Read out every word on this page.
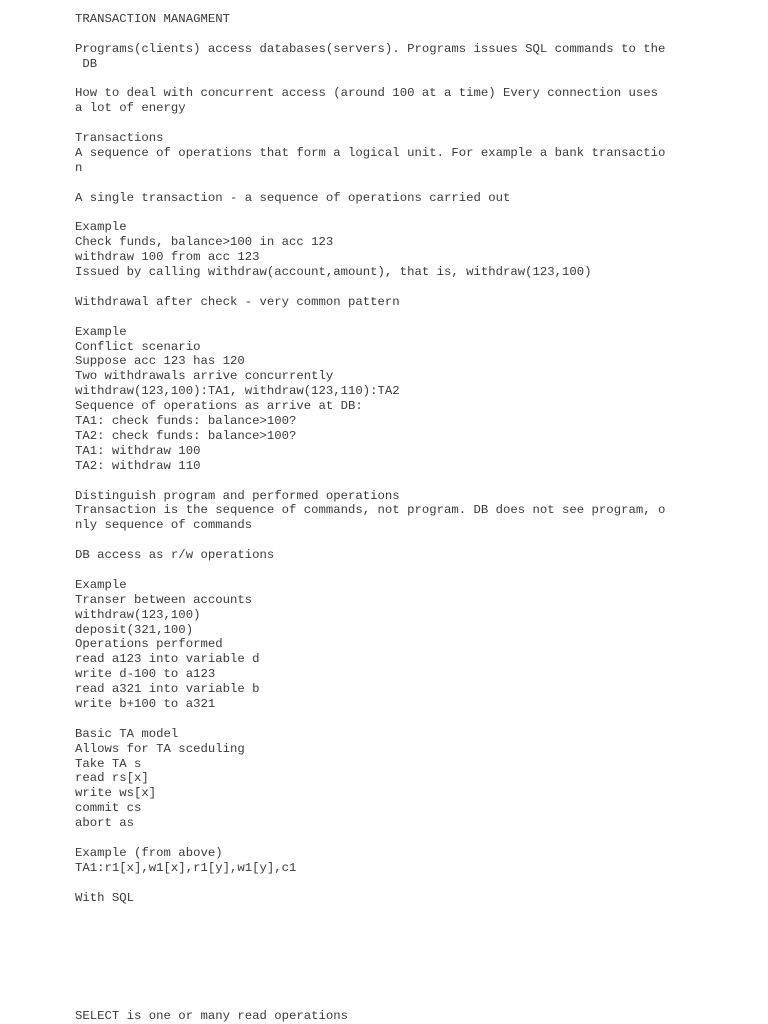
TRANSACTION MANAGMENT
Programs(clients) access databases(servers). Programs issues SQL commands to the
DB
How to deal with concurrent access (around 100 at a time) Every connection uses
a lot of energy
Transactions
A sequence of operations that form a logical unit. For example a bank transactio
n
A single transaction - a sequence of operations carried out
Example
Check funds, balance>100 in acc 123
withdraw 100 from acc 123
Issued by calling withdraw(account,amount), that is, withdraw(123,100)
Withdrawal after check - very common pattern
Example
Conflict scenario
Suppose acc 123 has 120
Two withdrawals arrive concurrently
withdraw(123,100):TA1, withdraw(123,110):TA2
Sequence of operations as arrive at DB:
TA1: check funds: balance>100?
TA2: check funds: balance>100?
TA1: withdraw 100
TA2: withdraw 110
Distinguish program and performed operations
Transaction is the sequence of commands, not program. DB does not see program, o
nly sequence of commands
DB access as r/w operations
Example
Transer between accounts
withdraw(123,100)
deposit(321,100)
Operations performed
read a123 into variable d
write d-100 to a123
read a321 into variable b
write b+100 to a321
Basic TA model
Allows for TA sceduling
Take TA s
read rs[x]
write ws[x]
commit cs
abort as
Example (from above)
TA1:r1[x],w1[x],r1[y],w1[y],c1
With SQL
SELECT is one or many read operations
